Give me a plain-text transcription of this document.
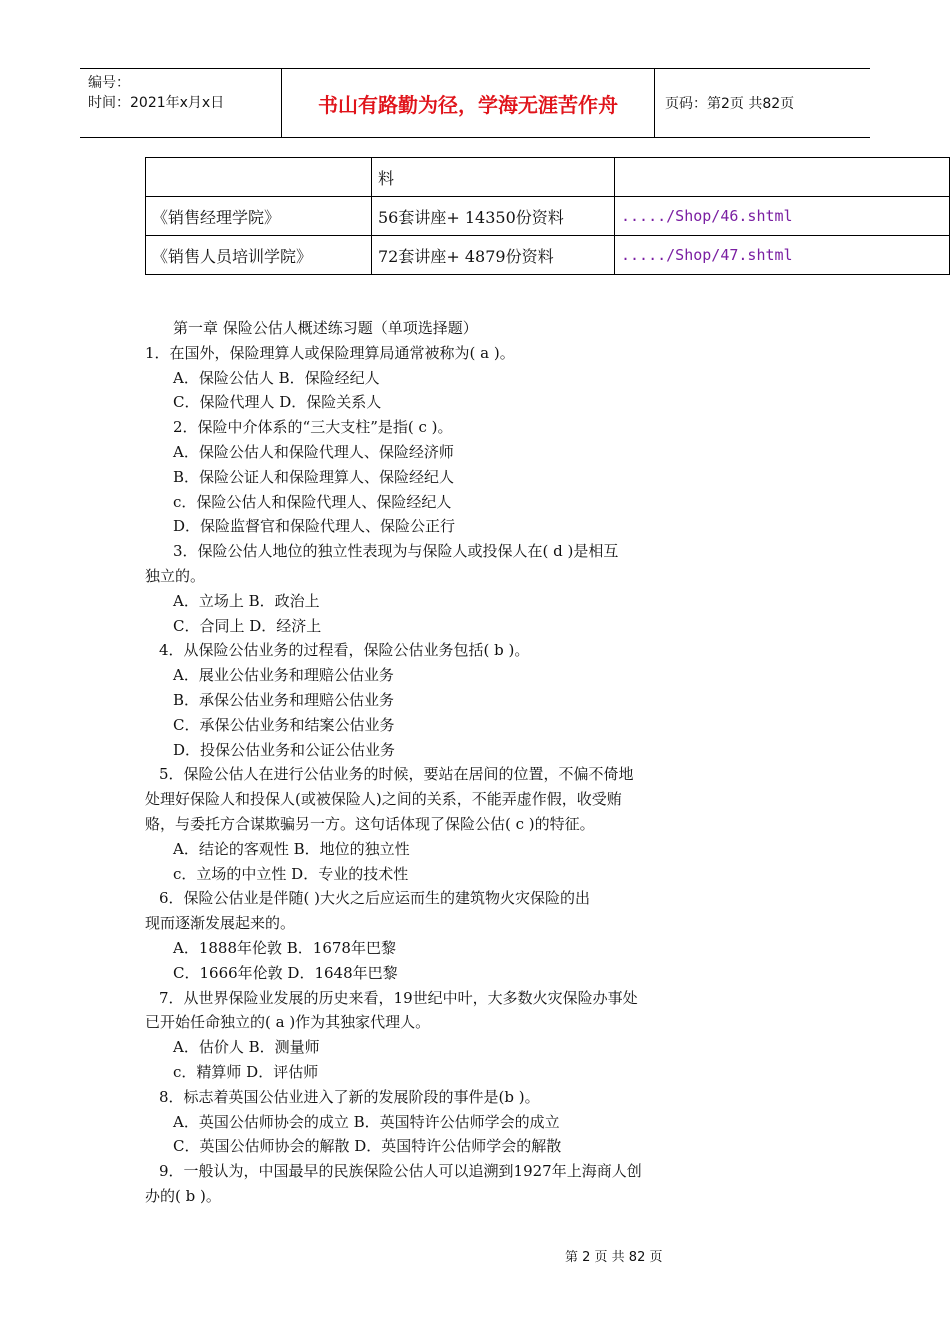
编号：
时间：2021年x月x日	书山有路勤为径，学海无涯苦作舟	页码：第2页 共82页
	料	
《销售经理学院》	56套讲座+ 14350份资料	...../Shop/46.shtml
《销售人员培训学院》	72套讲座+ 4879份资料	...../Shop/47.shtml
第一章 保险公估人概述练习题（单项选择题）
1．在国外，保险理算人或保险理算局通常被称为( a )。
A．保险公估人 B．保险经纪人
C．保险代理人 D．保险关系人
2．保险中介体系的“三大支柱”是指( c )。
A．保险公估人和保险代理人、保险经济师
B．保险公证人和保险理算人、保险经纪人
c．保险公估人和保险代理人、保险经纪人
D．保险监督官和保险代理人、保险公正行
3．保险公估人地位的独立性表现为与保险人或投保人在( d )是相互
独立的。
A．立场上 B．政治上
C．合同上 D．经济上
4．从保险公估业务的过程看，保险公估业务包括( b )。
A．展业公估业务和理赔公估业务
B．承保公估业务和理赔公估业务
C．承保公估业务和结案公估业务
D．投保公估业务和公证公估业务
5．保险公估人在进行公估业务的时候，要站在居间的位置，不偏不倚地
处理好保险人和投保人(或被保险人)之间的关系，不能弄虚作假，收受贿
赂，与委托方合谋欺骗另一方。这句话体现了保险公估( c )的特征。
A．结论的客观性 B．地位的独立性
c．立场的中立性 D．专业的技术性
6．保险公估业是伴随( )大火之后应运而生的建筑物火灾保险的出
现而逐渐发展起来的。
A．1888年伦敦 B．1678年巴黎
C．1666年伦敦 D．1648年巴黎
7．从世界保险业发展的历史来看，19世纪中叶，大多数火灾保险办事处
已开始任命独立的( a )作为其独家代理人。
A．估价人 B．测量师
c．精算师 D．评估师
8．标志着英国公估业进入了新的发展阶段的事件是(b )。
A．英国公估师协会的成立 B．英国特许公估师学会的成立
C．英国公估师协会的解散 D．英国特许公估师学会的解散
9．一般认为，中国最早的民族保险公估人可以追溯到1927年上海商人创
办的( b )。
第 2 页 共 82 页
